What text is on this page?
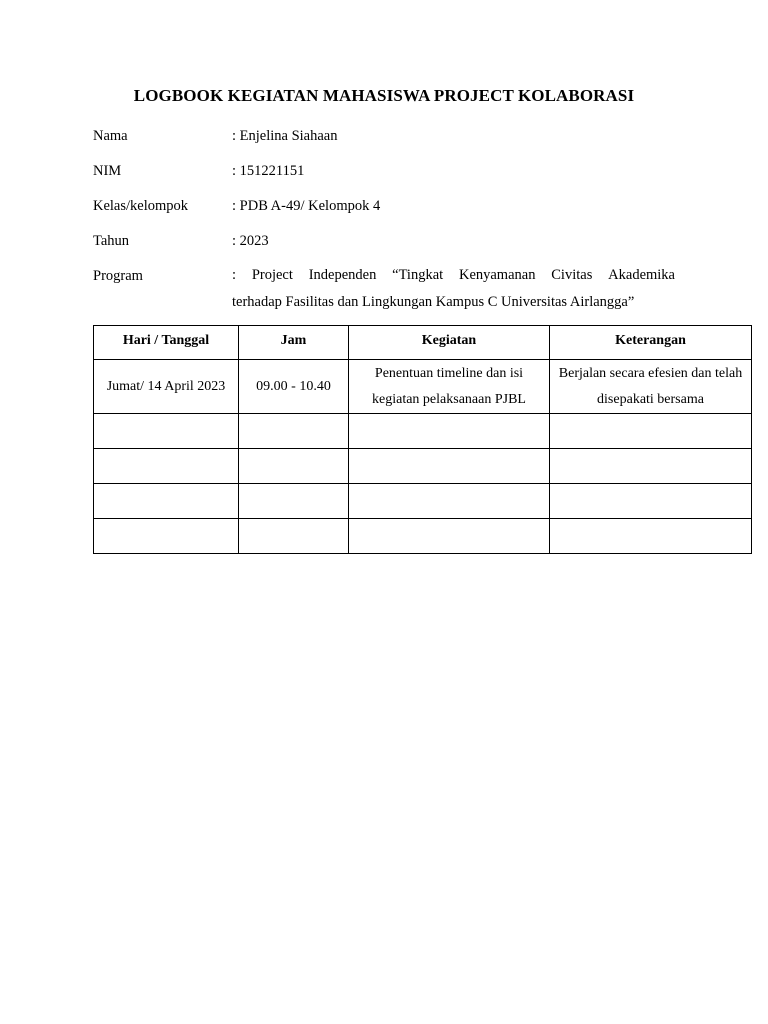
LOGBOOK KEGIATAN MAHASISWA PROJECT KOLABORASI
Nama	: Enjelina Siahaan
NIM	: 151221151
Kelas/kelompok	: PDB A-49/ Kelompok 4
Tahun	: 2023
Program	: Project Independen “Tingkat Kenyamanan Civitas Akademika
terhadap Fasilitas dan Lingkungan Kampus C Universitas Airlangga”
Hari / Tanggal	Jam	Kegiatan	Keterangan
Jumat/ 14 April 2023	09.00 - 10.40	Penentuan timeline dan isi kegiatan pelaksanaan PJBL	Berjalan secara efesien dan telah disepakati bersama
